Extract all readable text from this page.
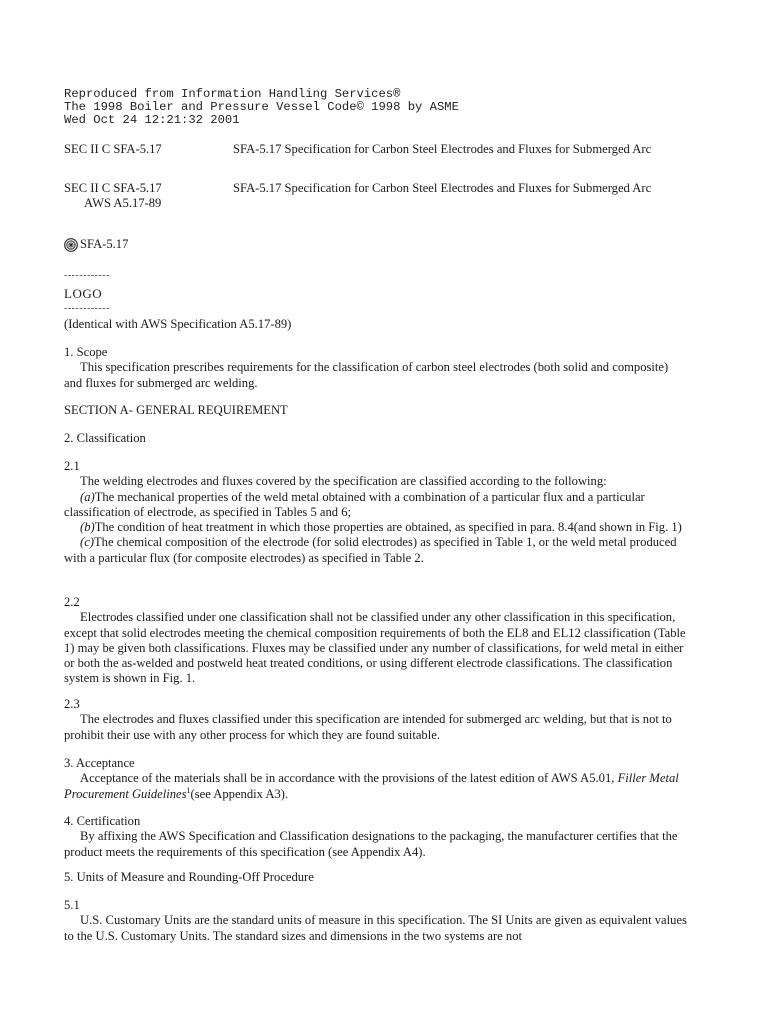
Reproduced from Information Handling Services®
The 1998 Boiler and Pressure Vessel Code© 1998 by ASME
Wed Oct 24 12:21:32 2001
SEC II C SFA-5.17	SFA-5.17 Specification for Carbon Steel Electrodes and Fluxes for Submerged Arc
SEC II C SFA-5.17
AWS A5.17-89
SFA-5.17 Specification for Carbon Steel Electrodes and Fluxes for Submerged Arc
SFA-5.17
------------
LOGO
------------
(Identical with AWS Specification A5.17-89)

1. Scope

This specification prescribes requirements for the classification of carbon steel electrodes (both solid and composite) and fluxes for submerged arc welding.

SECTION A- GENERAL REQUIREMENT
2. Classification

2.1

The welding electrodes and fluxes covered by the specification are classified according to the following:

(a)The mechanical properties of the weld metal obtained with a combination of a particular flux and a particular classification of electrode, as specified in Tables 5 and 6;

(b)The condition of heat treatment in which those properties are obtained, as specified in para. 8.4(and shown in Fig. 1)

(c)The chemical composition of the electrode (for solid electrodes) as specified in Table 1, or the weld metal produced with a particular flux (for composite electrodes) as specified in Table 2.

2.2

Electrodes classified under one classification shall not be classified under any other classification in this specification, except that solid electrodes meeting the chemical composition requirements of both the EL8 and EL12 classification (Table 1) may be given both classifications. Fluxes may be classified under any number of classifications, for weld metal in either or both the as-welded and postweld heat treated conditions, or using different electrode classifications. The classification system is shown in Fig. 1.

2.3

The electrodes and fluxes classified under this specification are intended for submerged arc welding, but that is not to prohibit their use with any other process for which they are found suitable.

3. Acceptance

Acceptance of the materials shall be in accordance with the provisions of the latest edition of AWS A5.01, Filler Metal Procurement Guidelines$^1$(see Appendix A3).

4. Certification

By affixing the AWS Specification and Classification designations to the packaging, the manufacturer certifies that the product meets the requirements of this specification (see Appendix A4).

5. Units of Measure and Rounding-Off Procedure

5.1

U.S. Customary Units are the standard units of measure in this specification. The SI Units are given as equivalent values to the U.S. Customary Units. The standard sizes and dimensions in the two systems are not
